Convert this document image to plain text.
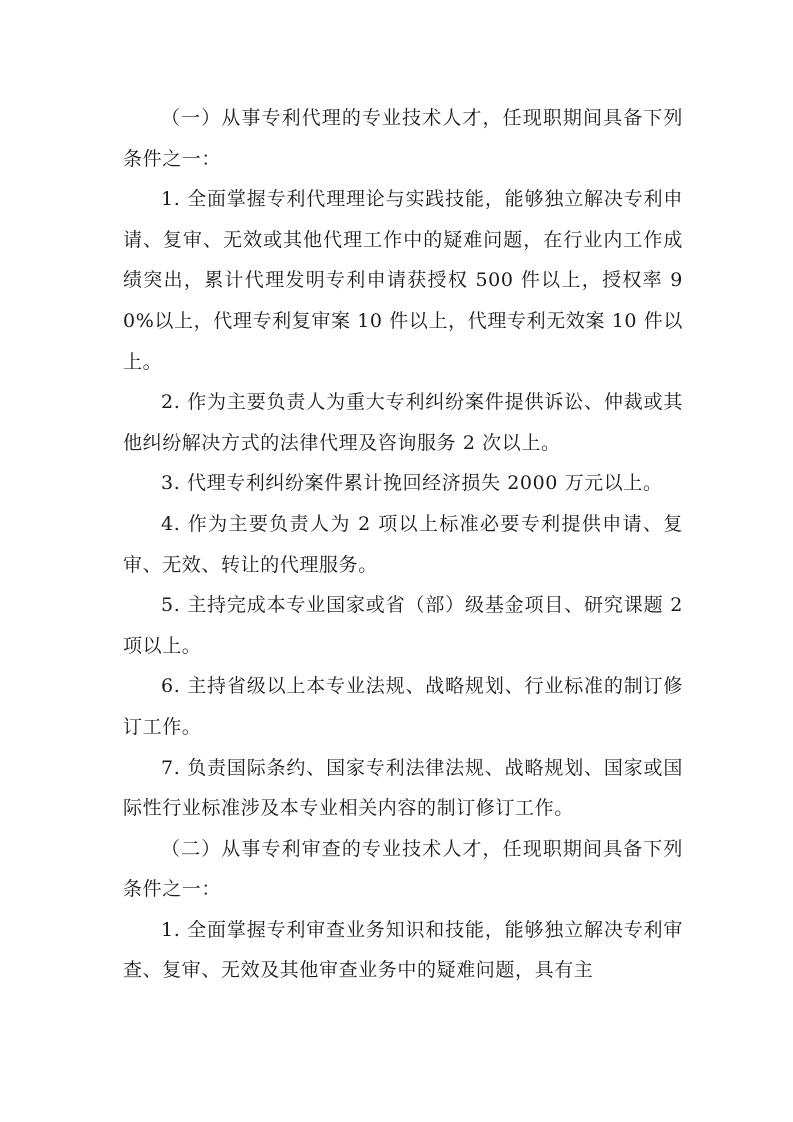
（一）从事专利代理的专业技术人才，任现职期间具备下列条件之一：

1. 全面掌握专利代理理论与实践技能，能够独立解决专利申请、复审、无效或其他代理工作中的疑难问题，在行业内工作成绩突出，累计代理发明专利申请获授权 500 件以上，授权率 90%以上，代理专利复审案 10 件以上，代理专利无效案 10 件以上。

2. 作为主要负责人为重大专利纠纷案件提供诉讼、仲裁或其他纠纷解决方式的法律代理及咨询服务 2 次以上。

3. 代理专利纠纷案件累计挽回经济损失 2000 万元以上。

4. 作为主要负责人为 2 项以上标准必要专利提供申请、复审、无效、转让的代理服务。

5. 主持完成本专业国家或省（部）级基金项目、研究课题 2 项以上。

6. 主持省级以上本专业法规、战略规划、行业标准的制订修订工作。

7. 负责国际条约、国家专利法律法规、战略规划、国家或国际性行业标准涉及本专业相关内容的制订修订工作。

（二）从事专利审查的专业技术人才，任现职期间具备下列条件之一：

1. 全面掌握专利审查业务知识和技能，能够独立解决专利审查、复审、无效及其他审查业务中的疑难问题，具有主
